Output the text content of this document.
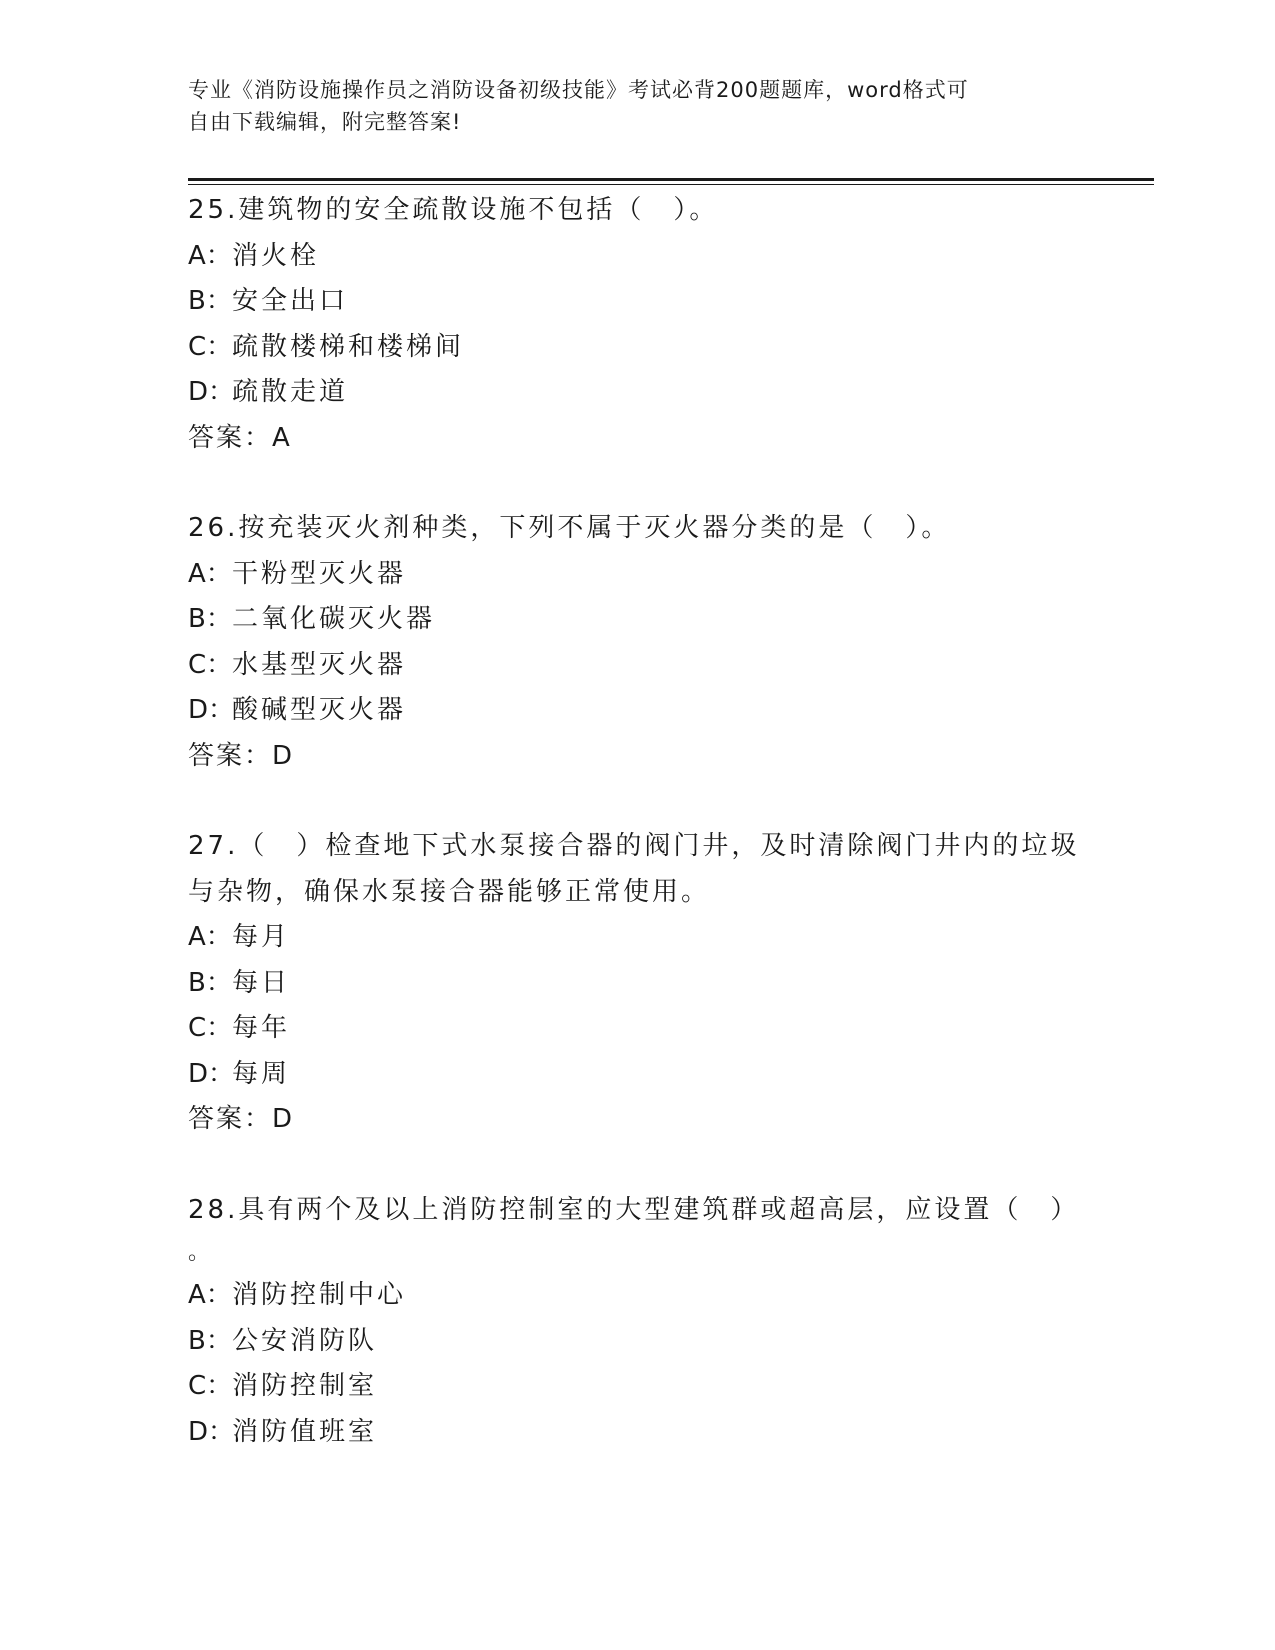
专业《消防设施操作员之消防设备初级技能》考试必背200题题库，word格式可
自由下载编辑，附完整答案!
25.建筑物的安全疏散设施不包括（　）。
A：消火栓
B：安全出口
C：疏散楼梯和楼梯间
D：疏散走道
答案：A
26.按充装灭火剂种类，下列不属于灭火器分类的是（　）。
A：干粉型灭火器
B：二氧化碳灭火器
C：水基型灭火器
D：酸碱型灭火器
答案：D
27.（　）检查地下式水泵接合器的阀门井，及时清除阀门井内的垃圾
与杂物，确保水泵接合器能够正常使用。
A：每月
B：每日
C：每年
D：每周
答案：D
28.具有两个及以上消防控制室的大型建筑群或超高层，应设置（　）
。
A：消防控制中心
B：公安消防队
C：消防控制室
D：消防值班室
